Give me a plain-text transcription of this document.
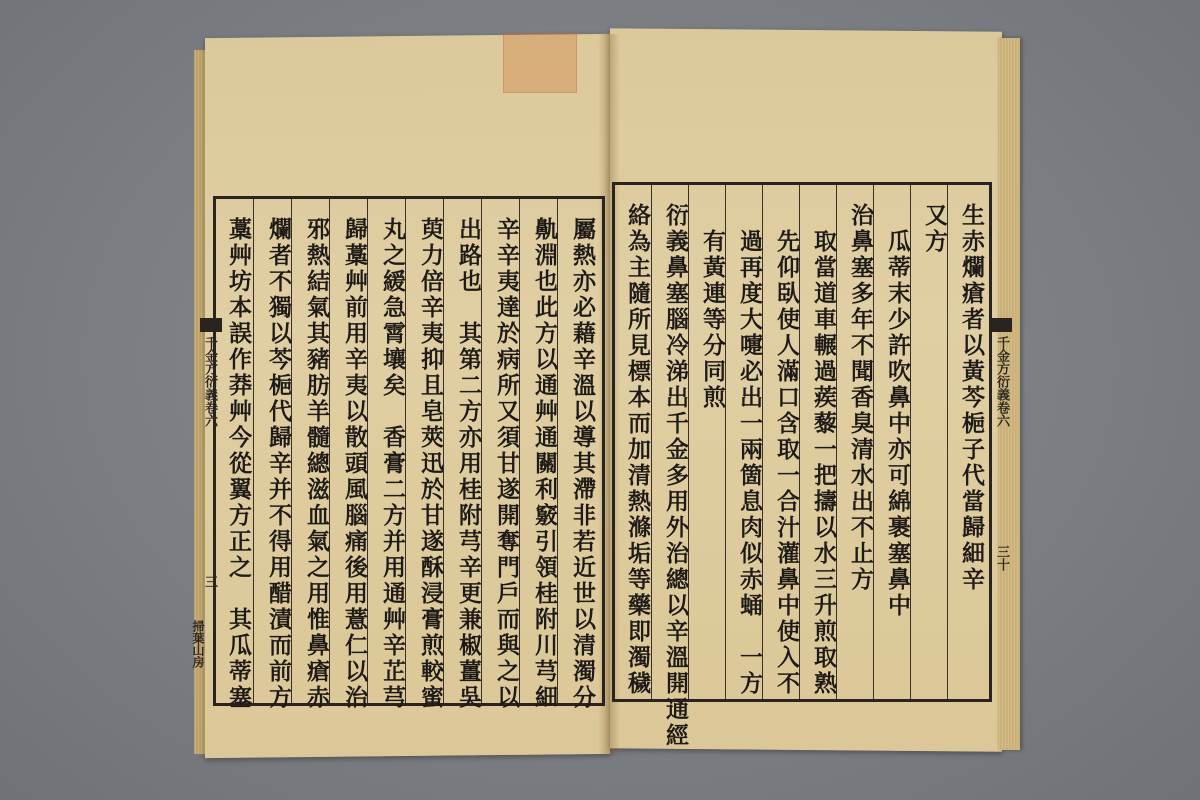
屬熱亦必藉辛溫以導其滯非若近世以清濁分
鼽淵也此方以通艸通關利竅引領桂附川芎細
辛辛夷達於病所又須甘遂開奪門戶而與之以
出路也　其第二方亦用桂附芎辛更兼椒薑吳
萸力倍辛夷抑且皂莢迅於甘遂酥浸膏煎較蜜
丸之緩急霄壤矣　香膏二方并用通艸辛芷芎
歸藁艸前用辛夷以散頭風腦痛後用薏仁以治
邪熱結氣其豬肪羊髓總滋血氣之用惟鼻瘡赤
爛者不獨以芩梔代歸辛并不得用醋漬而前方
藁艸坊本誤作莽艸今從翼方正之　其瓜蒂塞
千金方衍義卷六
三
掃葉山房
生赤爛瘡者以黃芩梔子代當歸細辛
又方
　瓜蒂末少許吹鼻中亦可綿裹塞鼻中
治鼻塞多年不聞香臭清水出不止方
　取當道車輾過蒺藜一把擣以水三升煎取熟
　先仰臥使人滿口含取一合汁灌鼻中使入不
　過再度大嚏必出一兩箇息肉似赤蛹　一方
　有黃連等分同煎
衍義鼻塞腦冷涕出千金多用外治總以辛溫開通經
絡為主隨所見標本而加清熱滌垢等藥即濁穢	千金方衍義卷六
三十
